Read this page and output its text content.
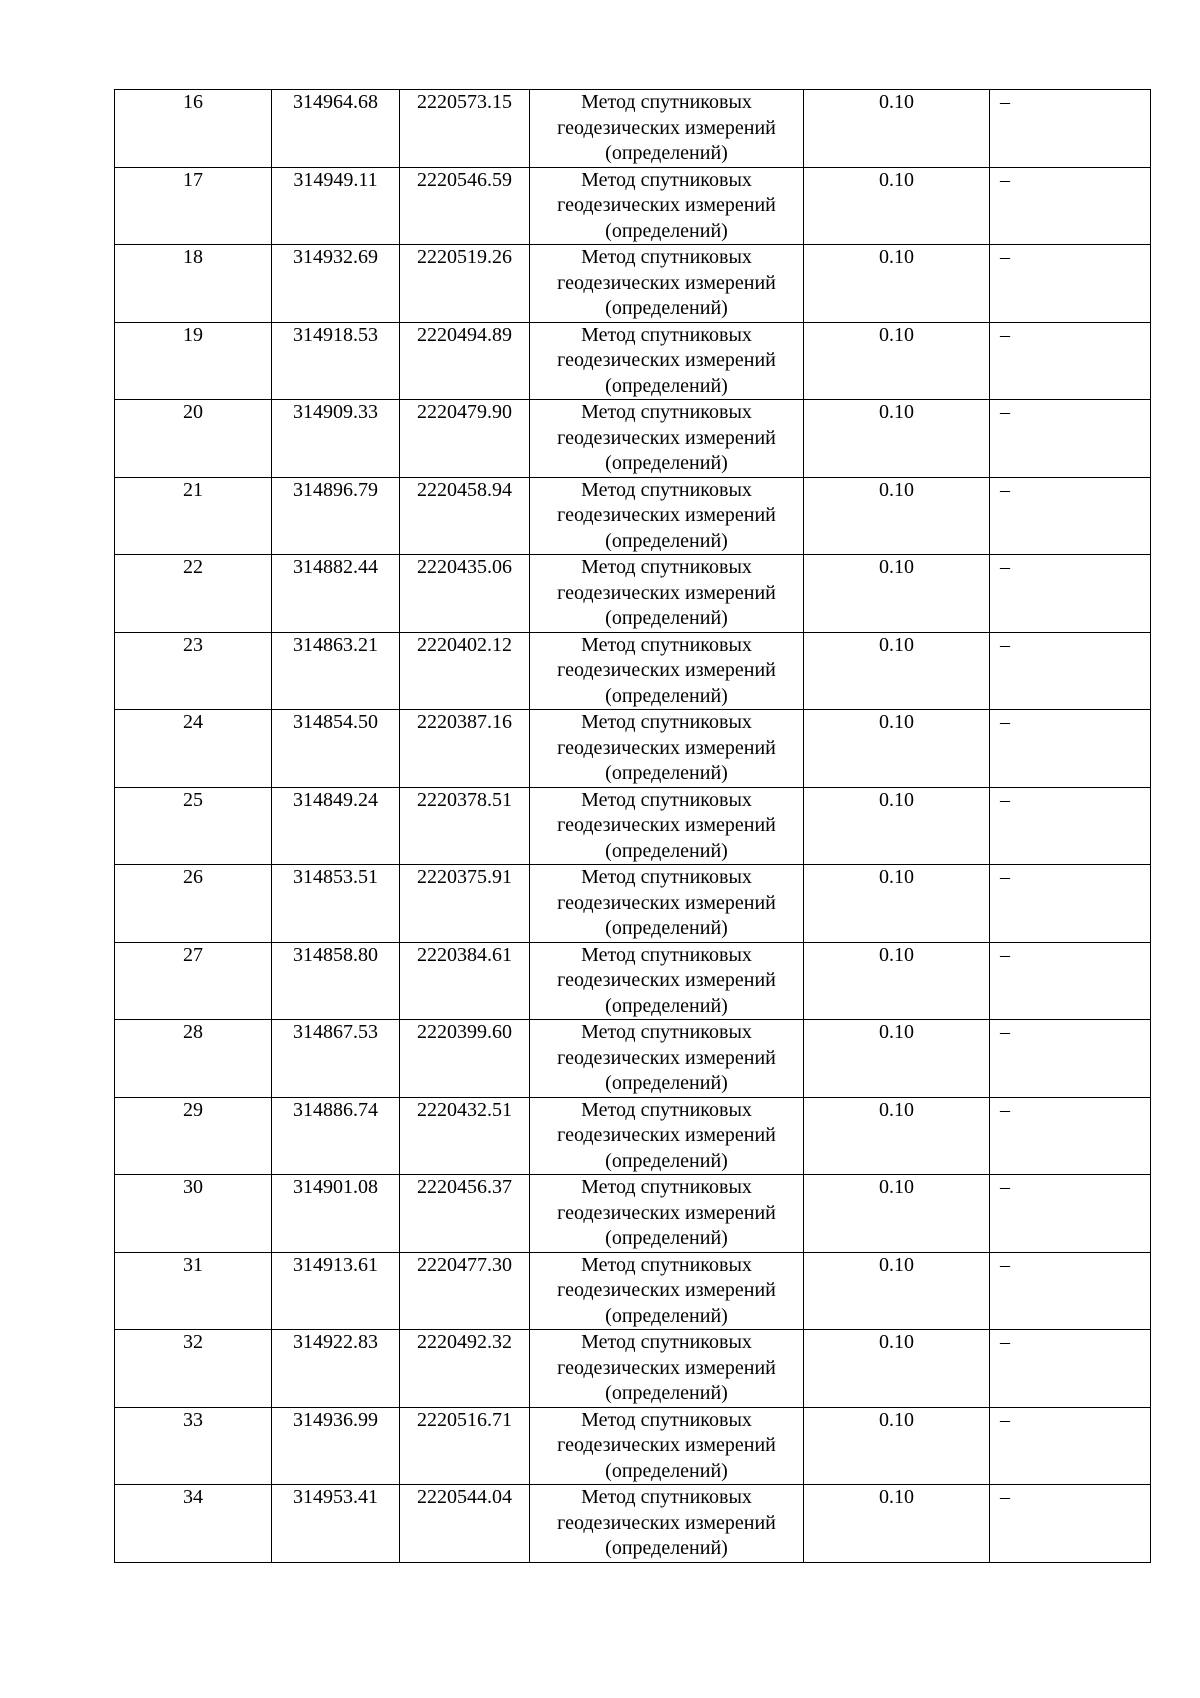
16	314964.68	2220573.15	Метод спутниковых
геодезических измерений
(определений)	0.10	–
17	314949.11	2220546.59	Метод спутниковых
геодезических измерений
(определений)	0.10	–
18	314932.69	2220519.26	Метод спутниковых
геодезических измерений
(определений)	0.10	–
19	314918.53	2220494.89	Метод спутниковых
геодезических измерений
(определений)	0.10	–
20	314909.33	2220479.90	Метод спутниковых
геодезических измерений
(определений)	0.10	–
21	314896.79	2220458.94	Метод спутниковых
геодезических измерений
(определений)	0.10	–
22	314882.44	2220435.06	Метод спутниковых
геодезических измерений
(определений)	0.10	–
23	314863.21	2220402.12	Метод спутниковых
геодезических измерений
(определений)	0.10	–
24	314854.50	2220387.16	Метод спутниковых
геодезических измерений
(определений)	0.10	–
25	314849.24	2220378.51	Метод спутниковых
геодезических измерений
(определений)	0.10	–
26	314853.51	2220375.91	Метод спутниковых
геодезических измерений
(определений)	0.10	–
27	314858.80	2220384.61	Метод спутниковых
геодезических измерений
(определений)	0.10	–
28	314867.53	2220399.60	Метод спутниковых
геодезических измерений
(определений)	0.10	–
29	314886.74	2220432.51	Метод спутниковых
геодезических измерений
(определений)	0.10	–
30	314901.08	2220456.37	Метод спутниковых
геодезических измерений
(определений)	0.10	–
31	314913.61	2220477.30	Метод спутниковых
геодезических измерений
(определений)	0.10	–
32	314922.83	2220492.32	Метод спутниковых
геодезических измерений
(определений)	0.10	–
33	314936.99	2220516.71	Метод спутниковых
геодезических измерений
(определений)	0.10	–
34	314953.41	2220544.04	Метод спутниковых
геодезических измерений
(определений)	0.10	–
